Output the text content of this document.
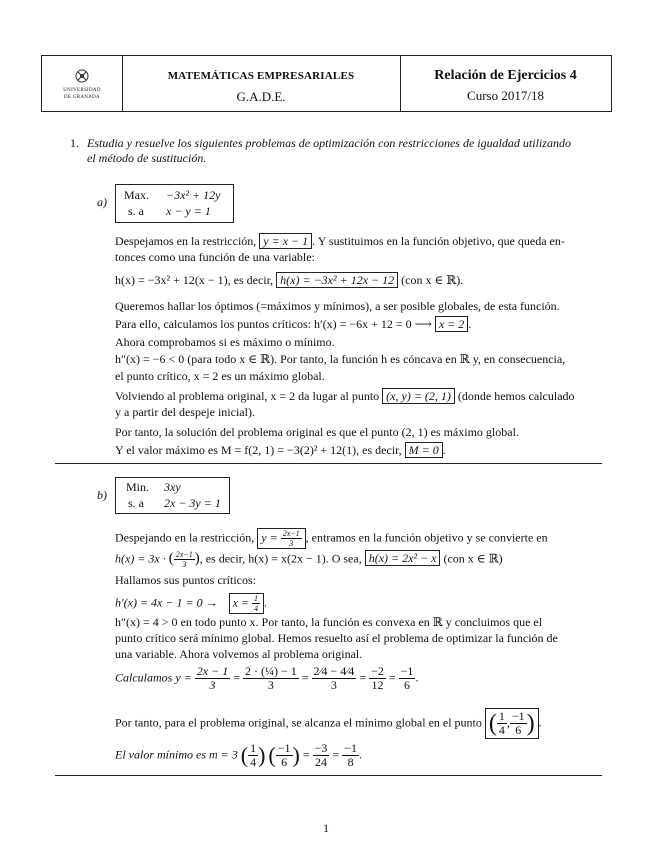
UNIVERSIDAD
DE GRANADA
MATEMÁTICAS EMPRESARIALES
G.A.D.E.
Relación de Ejercicios 4
Curso 2017/18
1. Estudia y resuelve los siguientes problemas de optimización con restricciones de igualdad utilizando
el método de sustitución.
a) Max. −3x² + 12y
s. a x − y = 1
Despejamos en la restricción, y = x − 1 . Y sustituimos en la función objetivo, que queda en-
tonces como una función de una variable:
h(x) = −3x² + 12(x − 1), es decir, h(x) = −3x² + 12x − 12 (con x ∈ ℝ).
Queremos hallar los óptimos (=máximos y mínimos), a ser posible globales, de esta función.
Para ello, calculamos los puntos críticos: h′(x) = −6x + 12 = 0 ⟶ x = 2 .
Ahora comprobamos si es máximo o mínimo.
h″(x) = −6 < 0 (para todo x ∈ ℝ). Por tanto, la función h es cóncava en ℝ y, en consecuencia,
el punto crítico, x = 2 es un máximo global.
Volviendo al problema original, x = 2 da lugar al punto (x, y) = (2, 1) (donde hemos calculado
y a partir del despeje inicial).
Por tanto, la solución del problema original es que el punto (2, 1) es máximo global.
Y el valor máximo es M = f(2, 1) = −3(2)² + 12(1), es decir, M = 0 .
b)
Min. 3xy
s. a 2x − 3y = 1
Despejando en la restricción, $y = \frac{2x-1}{3}$ , entramos en la función objetivo y se convierte en
h(x) = 3x · ( $\frac{2x-1}{3}$ ), es decir, h(x) = x(2x − 1). O sea, h(x) = 2x² − x (con x ∈ ℝ)
Hallamos sus puntos críticos:
$h'(x) = 4x - 1 = 0 \to x = \frac{1}{4}$ .
h″(x) = 4 > 0 en todo punto x. Por tanto, la función es convexa en ℝ y concluimos que el
punto crítico será mínimo global. Hemos resuelto así el problema de optimizar la función de
una variable. Ahora volvemos al problema original.
Calculamos $y = \frac{2x - 1}{3} = \frac{\text{2 · (¼) − 1}}{3} = \frac{2⁄4 - 4⁄4}{3} = \frac{-2}{12} = \frac{-1}{6}$ .
Por tanto, para el problema original, se alcanza el mínimo global en el punto ( $\frac{1}{4}$ , $\frac{-1}{6}$ ) .
El valor mínimo es m = 3 ( $\frac{1}{4}$ ) ( $\frac{-1}{6}$ ) = $\frac{-3}{24} = \frac{-1}{8}$ .
1
